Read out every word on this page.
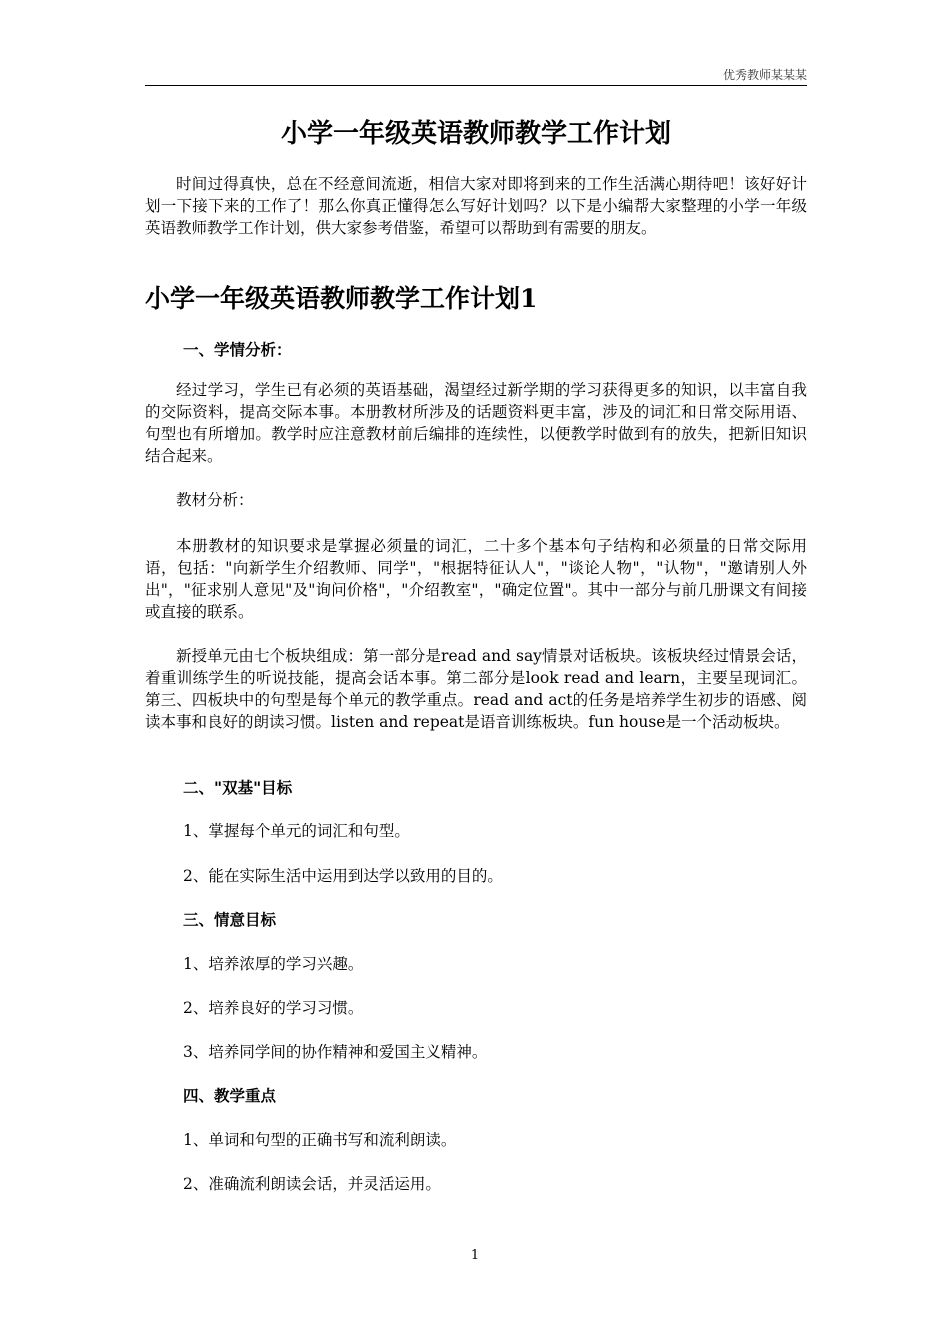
优秀教师某某某
小学一年级英语教师教学工作计划

时间过得真快，总在不经意间流逝，相信大家对即将到来的工作生活满心期待吧！该好好计划一下接下来的工作了！那么你真正懂得怎么写好计划吗？以下是小编帮大家整理的小学一年级英语教师教学工作计划，供大家参考借鉴，希望可以帮助到有需要的朋友。

小学一年级英语教师教学工作计划1
一、学情分析：

经过学习，学生已有必须的英语基础，渴望经过新学期的学习获得更多的知识，以丰富自我的交际资料，提高交际本事。本册教材所涉及的话题资料更丰富，涉及的词汇和日常交际用语、句型也有所增加。教学时应注意教材前后编排的连续性，以便教学时做到有的放失，把新旧知识结合起来。

教材分析：

本册教材的知识要求是掌握必须量的词汇，二十多个基本句子结构和必须量的日常交际用语，包括："向新学生介绍教师、同学"，"根据特征认人"，"谈论人物"，"认物"，"邀请别人外出"，"征求别人意见"及"询问价格"，"介绍教室"，"确定位置"。其中一部分与前几册课文有间接或直接的联系。

新授单元由七个板块组成：第一部分是read and say情景对话板块。该板块经过情景会话，着重训练学生的听说技能，提高会话本事。第二部分是look read and learn，主要呈现词汇。第三、四板块中的句型是每个单元的教学重点。read and act的任务是培养学生初步的语感、阅读本事和良好的朗读习惯。listen and repeat是语音训练板块。fun house是一个活动板块。

二、"双基"目标
1、掌握每个单元的词汇和句型。
2、能在实际生活中运用到达学以致用的目的。
三、情意目标
1、培养浓厚的学习兴趣。
2、培养良好的学习习惯。
3、培养同学间的协作精神和爱国主义精神。
四、教学重点
1、单词和句型的正确书写和流利朗读。
2、准确流利朗读会话，并灵活运用。
1
